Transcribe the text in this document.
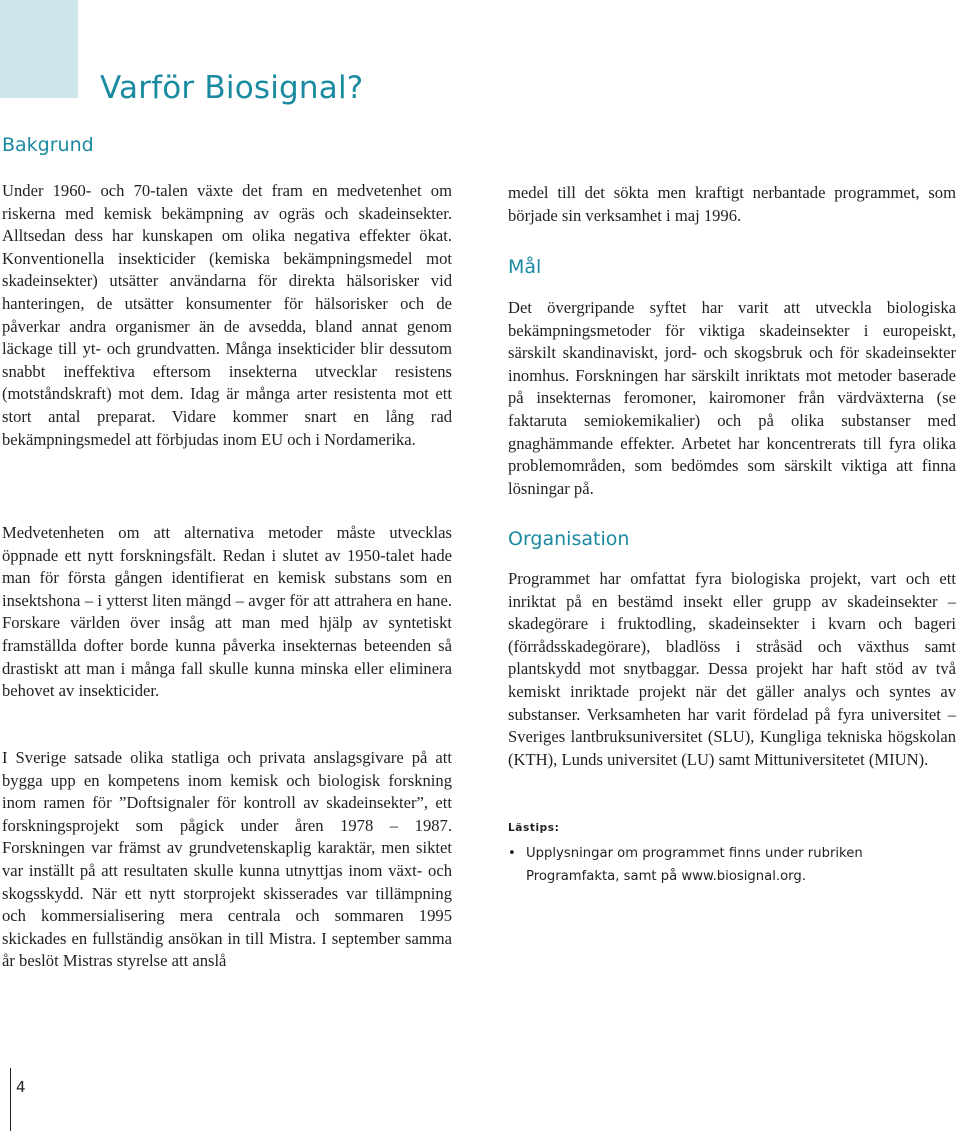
Varför Biosignal?
Bakgrund

Under 1960- och 70-talen växte det fram en medvetenhet om riskerna med kemisk bekämpning av ogräs och skadeinsekter. Alltsedan dess har kunskapen om olika negativa effekter ökat. Konventionella insekticider (kemiska bekämpningsmedel mot skadeinsekter) utsätter användarna för direkta hälsorisker vid hanteringen, de utsätter konsumenter för hälsorisker och de påverkar andra organismer än de avsedda, bland annat genom läckage till yt- och grundvatten. Många insekticider blir dessutom snabbt ineffektiva eftersom insekterna utvecklar resistens (motståndskraft) mot dem. Idag är många arter resistenta mot ett stort antal preparat. Vidare kommer snart en lång rad bekämpningsmedel att förbjudas inom EU och i Nordamerika.

Medvetenheten om att alternativa metoder måste utvecklas öppnade ett nytt forskningsfält. Redan i slutet av 1950-talet hade man för första gången identifierat en kemisk substans som en insektshona – i ytterst liten mängd – avger för att attrahera en hane. Forskare världen över insåg att man med hjälp av syntetiskt framställda dofter borde kunna påverka insekternas beteenden så drastiskt att man i många fall skulle kunna minska eller eliminera behovet av insekticider.

I Sverige satsade olika statliga och privata anslagsgivare på att bygga upp en kompetens inom kemisk och biologisk forskning inom ramen för ”Doftsignaler för kontroll av skadeinsekter”, ett forskningsprojekt som pågick under åren 1978 – 1987. Forskningen var främst av grundvetenskaplig karaktär, men siktet var inställt på att resultaten skulle kunna utnyttjas inom växt- och skogsskydd. När ett nytt storprojekt skisserades var tillämpning och kommersialisering mera centrala och sommaren 1995 skickades en fullständig ansökan in till Mistra. I september samma år beslöt Mistras styrelse att anslå

medel till det sökta men kraftigt nerbantade programmet, som började sin verksamhet i maj 1996.

Mål

Det övergripande syftet har varit att utveckla biologiska bekämpningsmetoder för viktiga skadeinsekter i europeiskt, särskilt skandinaviskt, jord- och skogsbruk och för skadeinsekter inomhus. Forskningen har särskilt inriktats mot metoder baserade på insekternas feromoner, kairomoner från värdväxterna (se faktaruta semiokemikalier) och på olika substanser med gnaghämmande effekter. Arbetet har koncentrerats till fyra olika problemområden, som bedömdes som särskilt viktiga att finna lösningar på.

Organisation

Programmet har omfattat fyra biologiska projekt, vart och ett inriktat på en bestämd insekt eller grupp av skadeinsekter – skadegörare i fruktodling, skadeinsekter i kvarn och bageri (förrådsskadegörare), bladlöss i stråsäd och växthus samt plantskydd mot snytbaggar. Dessa projekt har haft stöd av två kemiskt inriktade projekt när det gäller analys och syntes av substanser. Verksamheten har varit fördelad på fyra universitet – Sveriges lantbruksuniversitet (SLU), Kungliga tekniska högskolan (KTH), Lunds universitet (LU) samt Mittuniversitetet (MIUN).

Lästips:

• Upplysningar om programmet finns under rubriken Programfakta, samt på www.biosignal.org.

4
